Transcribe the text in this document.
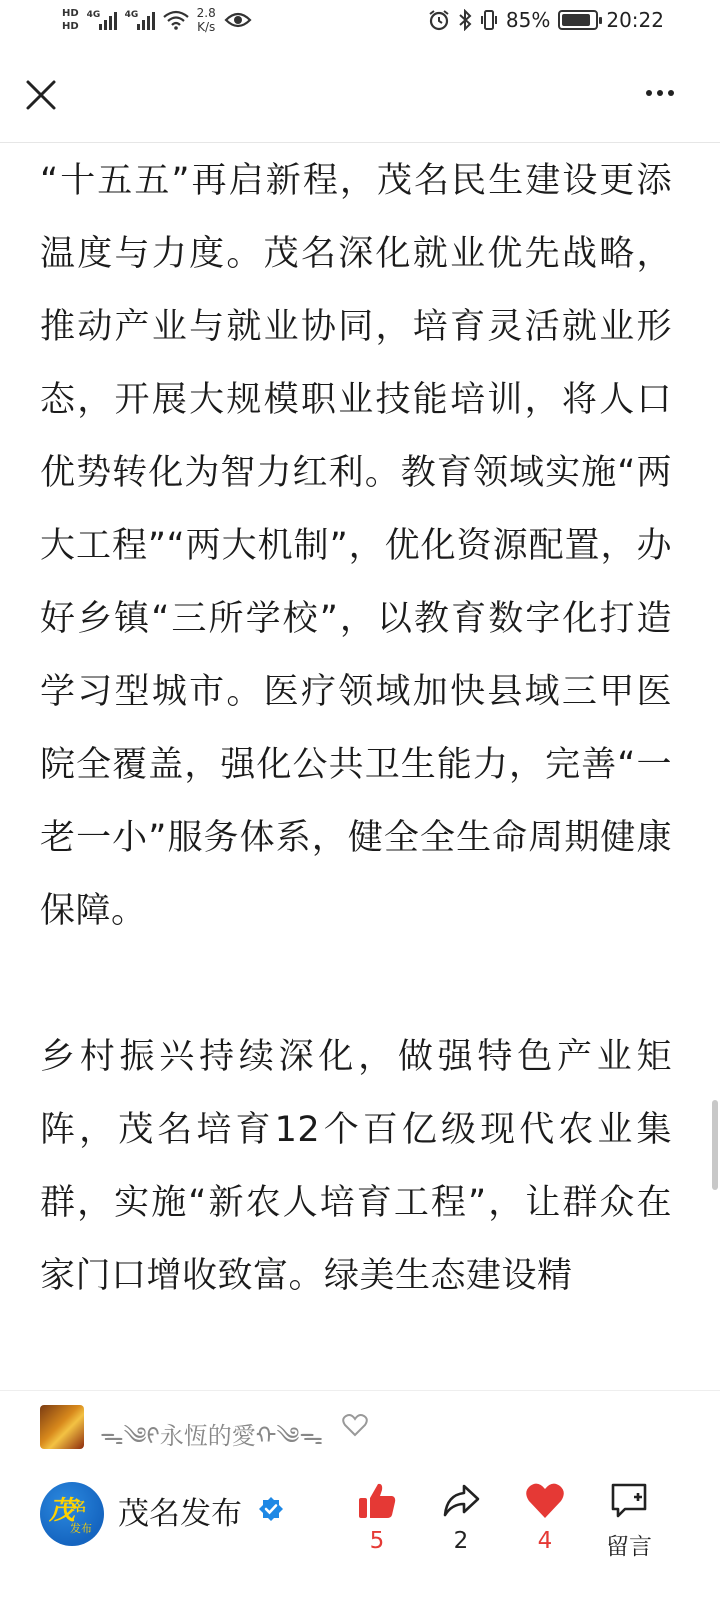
HD
HD
4G	4G	2.8
K/s	85%	20:22

“十五五”再启新程，茂名民生建设更添温度与力度。茂名深化就业优先战略，推动产业与就业协同，培育灵活就业形态，开展大规模职业技能培训，将人口优势转化为智力红利。教育领域实施“两大工程”“两大机制”，优化资源配置，办好乡镇“三所学校”，以教育数字化打造学习型城市。医疗领域加快县域三甲医院全覆盖，强化公共卫生能力，完善“一老一小”服务体系，健全全生命周期健康保障。

乡村振兴持续深化，做强特色产业矩阵，茂名培育12个百亿级现代农业集群，实施“新农人培育工程”，让群众在家门口增收致富。绿美生态建设精

ᯓ༄ᠻ永恆的愛ᡣ༄ᯓ
茂
名
发布 茂名发布
5	2	4 留言
